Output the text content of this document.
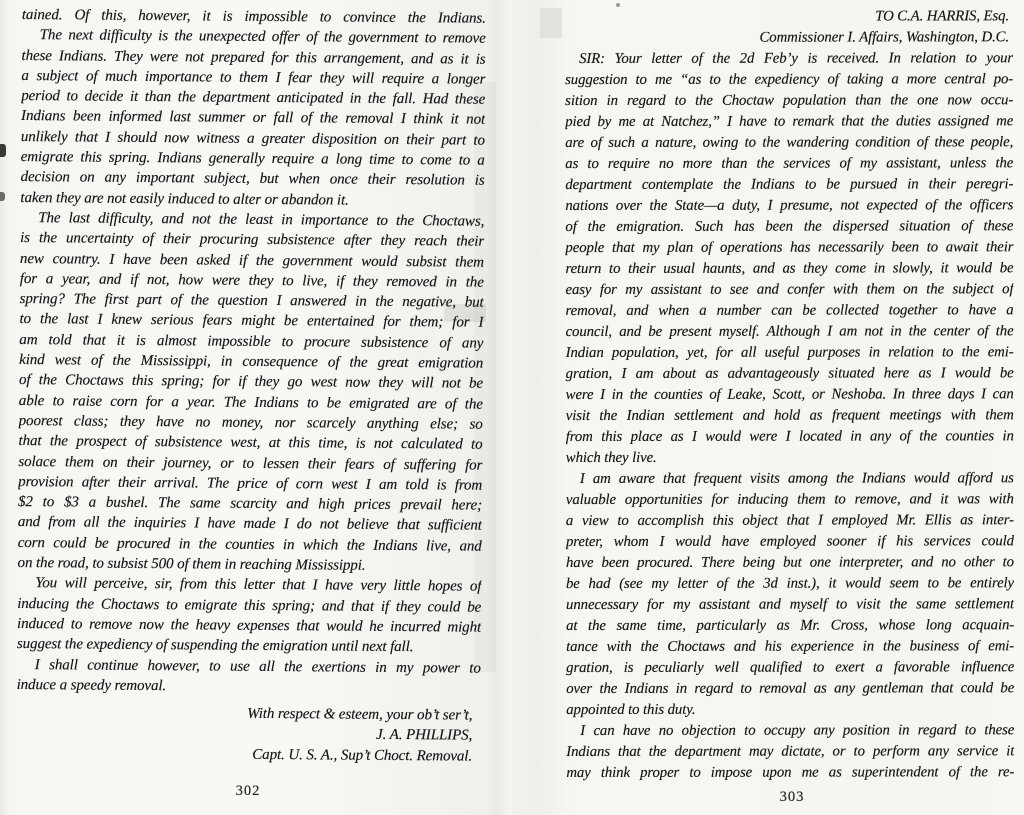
tained. Of this, however, it is impossible to convince the Indians.
The next difficulty is the unexpected offer of the government to remove
these Indians. They were not prepared for this arrangement, and as it is
a subject of much importance to them I fear they will require a longer
period to decide it than the department anticipated in the fall. Had these
Indians been informed last summer or fall of the removal I think it not
unlikely that I should now witness a greater disposition on their part to
emigrate this spring. Indians generally require a long time to come to a
decision on any important subject, but when once their resolution is
taken they are not easily induced to alter or abandon it.
The last difficulty, and not the least in importance to the Choctaws,
is the uncertainty of their procuring subsistence after they reach their
new country. I have been asked if the government would subsist them
for a year, and if not, how were they to live, if they removed in the
spring? The first part of the question I answered in the negative, but
to the last I knew serious fears might be entertained for them; for I
am told that it is almost impossible to procure subsistence of any
kind west of the Mississippi, in consequence of the great emigration
of the Choctaws this spring; for if they go west now they will not be
able to raise corn for a year. The Indians to be emigrated are of the
poorest class; they have no money, nor scarcely anything else; so
that the prospect of subsistence west, at this time, is not calculated to
solace them on their journey, or to lessen their fears of suffering for
provision after their arrival. The price of corn west I am told is from
$2 to $3 a bushel. The same scarcity and high prices prevail here;
and from all the inquiries I have made I do not believe that sufficient
corn could be procured in the counties in which the Indians live, and
on the road, to subsist 500 of them in reaching Mississippi.
You will perceive, sir, from this letter that I have very little hopes of
inducing the Choctaws to emigrate this spring; and that if they could be
induced to remove now the heavy expenses that would he incurred might
suggest the expediency of suspending the emigration until next fall.
I shall continue however, to use all the exertions in my power to
induce a speedy removal.
With respect & esteem, your ob’t ser’t,
J. A. PHILLIPS,
Capt. U. S. A., Sup’t Choct. Removal.
TO C.A. HARRIS, Esq.
Commissioner I. Affairs, Washington, D.C.
SIR: Your letter of the 2d Feb’y is received. In relation to your
suggestion to me “as to the expediency of taking a more central po-
sition in regard to the Choctaw population than the one now occu-
pied by me at Natchez,” I have to remark that the duties assigned me
are of such a nature, owing to the wandering condition of these people,
as to require no more than the services of my assistant, unless the
department contemplate the Indians to be pursued in their peregri-
nations over the State—a duty, I presume, not expected of the officers
of the emigration. Such has been the dispersed situation of these
people that my plan of operations has necessarily been to await their
return to their usual haunts, and as they come in slowly, it would be
easy for my assistant to see and confer with them on the subject of
removal, and when a number can be collected together to have a
council, and be present myself. Although I am not in the center of the
Indian population, yet, for all useful purposes in relation to the emi-
gration, I am about as advantageously situated here as I would be
were I in the counties of Leake, Scott, or Neshoba. In three days I can
visit the Indian settlement and hold as frequent meetings with them
from this place as I would were I located in any of the counties in
which they live.
I am aware that frequent visits among the Indians would afford us
valuable opportunities for inducing them to remove, and it was with
a view to accomplish this object that I employed Mr. Ellis as inter-
preter, whom I would have employed sooner if his services could
have been procured. There being but one interpreter, and no other to
be had (see my letter of the 3d inst.), it would seem to be entirely
unnecessary for my assistant and myself to visit the same settlement
at the same time, particularly as Mr. Cross, whose long acquain-
tance with the Choctaws and his experience in the business of emi-
gration, is peculiarly well qualified to exert a favorable influence
over the Indians in regard to removal as any gentleman that could be
appointed to this duty.
I can have no objection to occupy any position in regard to these
Indians that the department may dictate, or to perform any service it
may think proper to impose upon me as superintendent of the re-
302	303
